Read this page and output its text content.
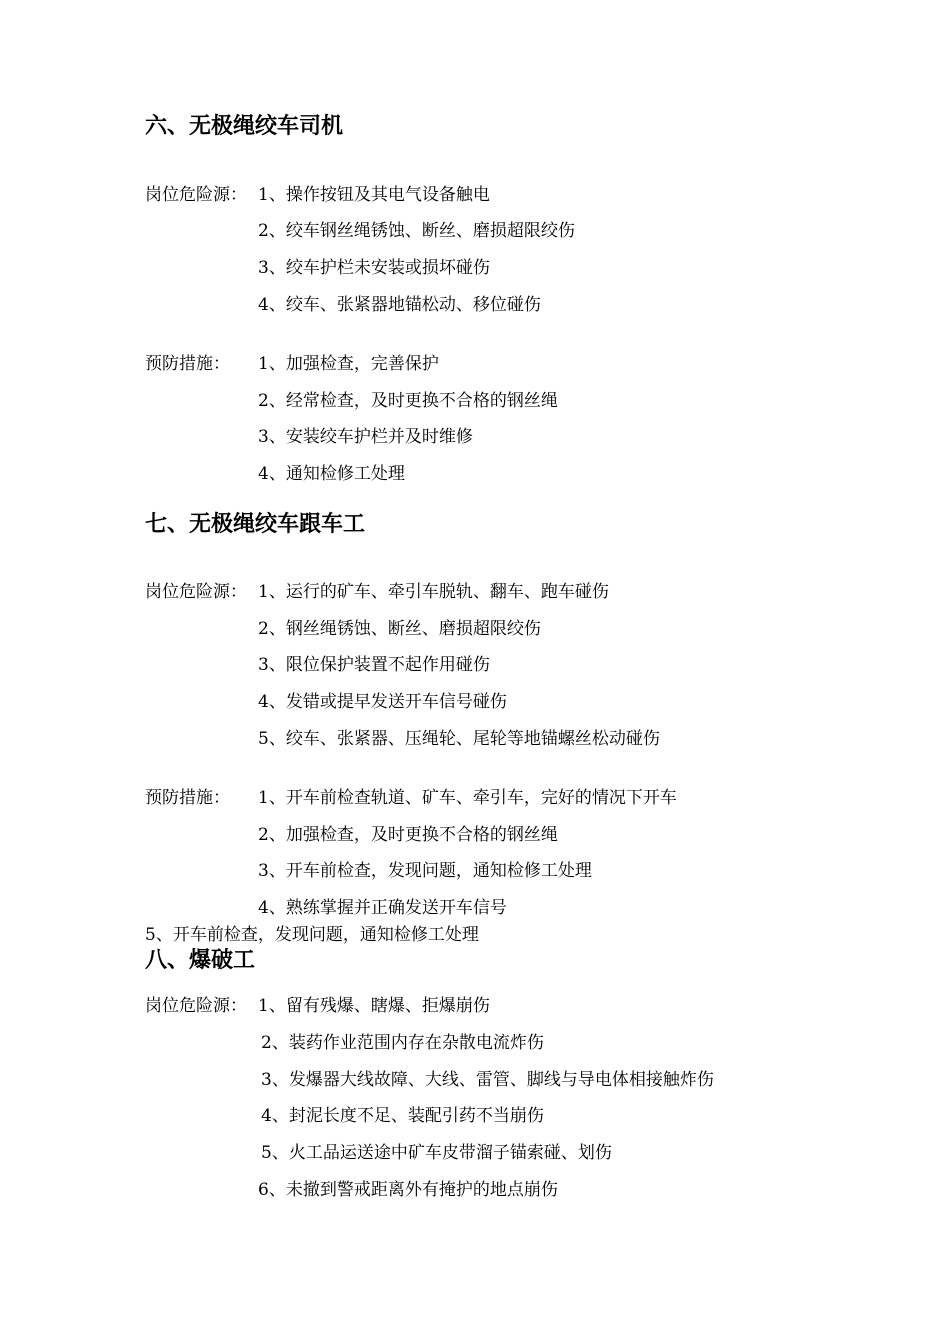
六、无极绳绞车司机
岗位危险源： 1、操作按钮及其电气设备触电
2、绞车钢丝绳锈蚀、断丝、磨损超限绞伤
3、绞车护栏未安装或损坏碰伤
4、绞车、张紧器地锚松动、移位碰伤
预防措施： 1、加强检查，完善保护
2、经常检查，及时更换不合格的钢丝绳
3、安装绞车护栏并及时维修
4、通知检修工处理
七、无极绳绞车跟车工
岗位危险源： 1、运行的矿车、牵引车脱轨、翻车、跑车碰伤
2、钢丝绳锈蚀、断丝、磨损超限绞伤
3、限位保护装置不起作用碰伤
4、发错或提早发送开车信号碰伤
5、绞车、张紧器、压绳轮、尾轮等地锚螺丝松动碰伤
预防措施： 1、开车前检查轨道、矿车、牵引车，完好的情况下开车
2、加强检查，及时更换不合格的钢丝绳
3、开车前检查，发现问题，通知检修工处理
4、熟练掌握并正确发送开车信号
5、开车前检查，发现问题，通知检修工处理
八、爆破工
岗位危险源： 1、留有残爆、瞎爆、拒爆崩伤
2、装药作业范围内存在杂散电流炸伤
3、发爆器大线故障、大线、雷管、脚线与导电体相接触炸伤
4、封泥长度不足、装配引药不当崩伤
5、火工品运送途中矿车皮带溜子锚索碰、划伤
6、未撤到警戒距离外有掩护的地点崩伤
